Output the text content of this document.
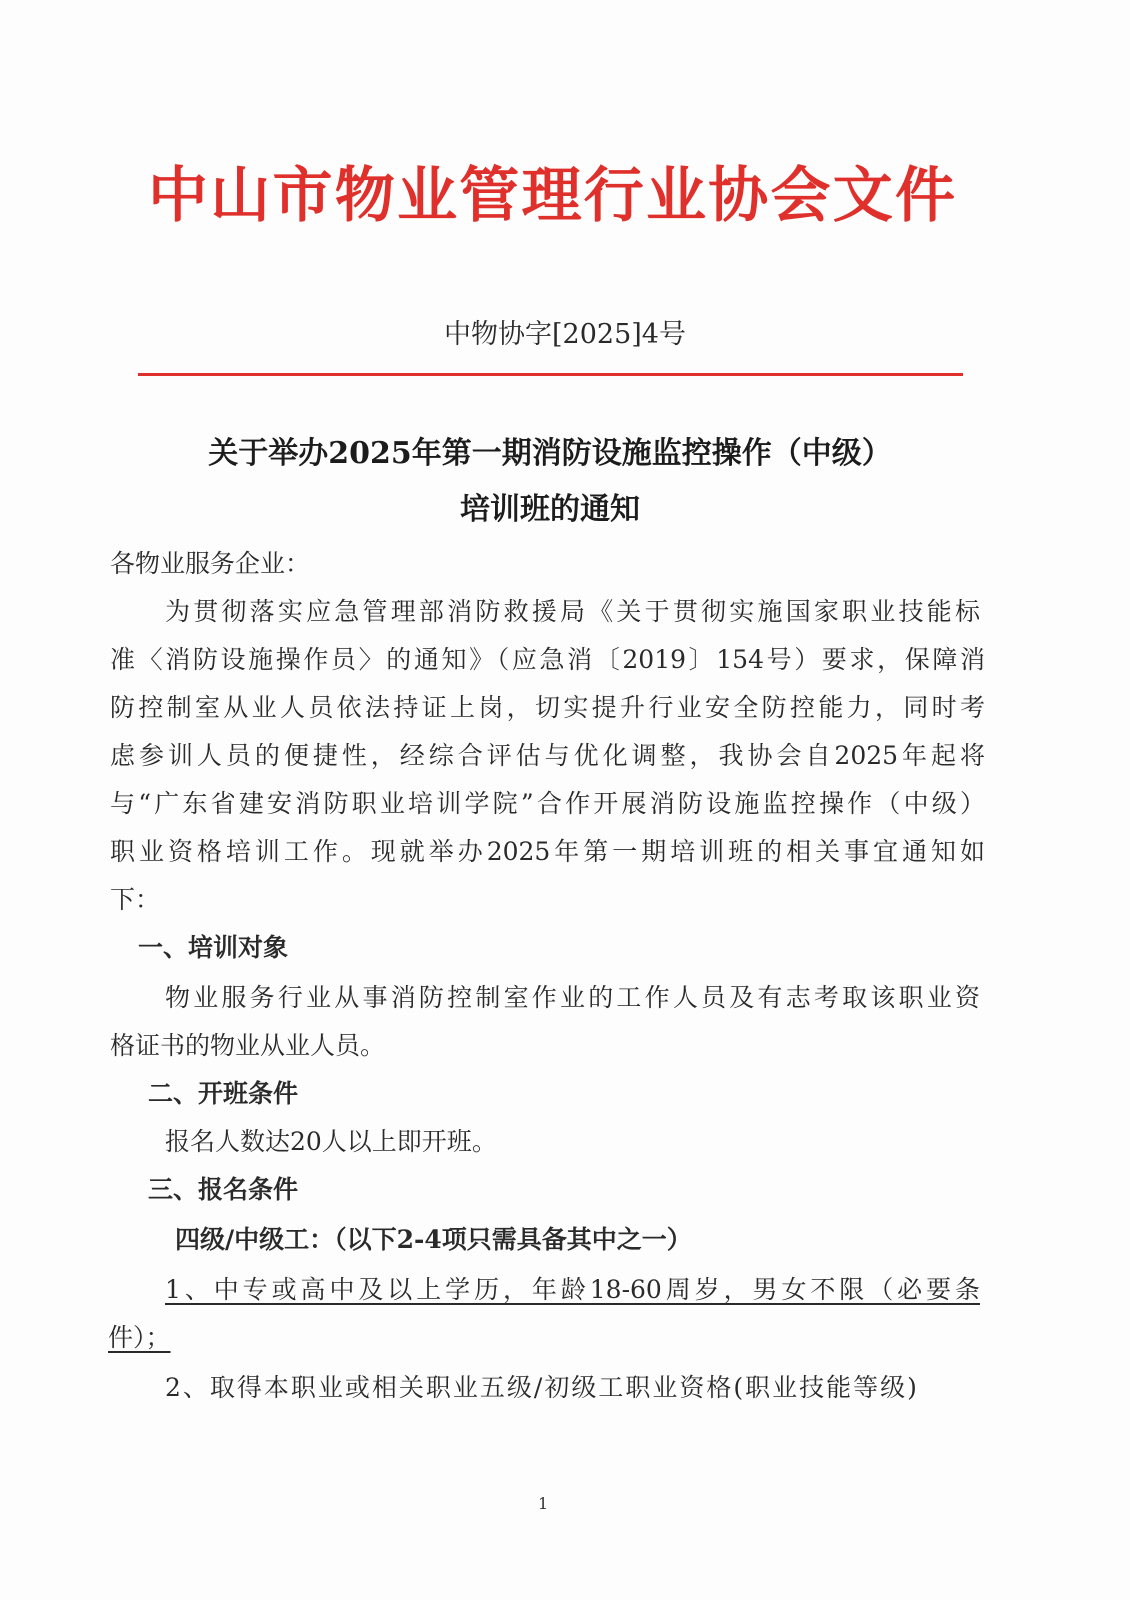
中山市物业管理行业协会文件
中物协字[2025]4号
关于举办2025年第一期消防设施监控操作（中级）
培训班的通知
各物业服务企业：
为贯彻落实应急管理部消防救援局《关于贯彻实施国家职业技能标
准〈消防设施操作员〉的通知》（应急消〔2019〕154号）要求，保障消
防控制室从业人员依法持证上岗，切实提升行业安全防控能力，同时考
虑参训人员的便捷性，经综合评估与优化调整，我协会自2025年起将
与“广东省建安消防职业培训学院”合作开展消防设施监控操作（中级）
职业资格培训工作。现就举办2025年第一期培训班的相关事宜通知如
下：
一、培训对象
物业服务行业从事消防控制室作业的工作人员及有志考取该职业资
格证书的物业从业人员。
二、开班条件
报名人数达20人以上即开班。
三、报名条件
四级/中级工：（以下2-4项只需具备其中之一）
1、中专或高中及以上学历，年龄18-60周岁，男女不限（必要条
件）；
2、取得本职业或相关职业五级/初级工职业资格(职业技能等级)
1
